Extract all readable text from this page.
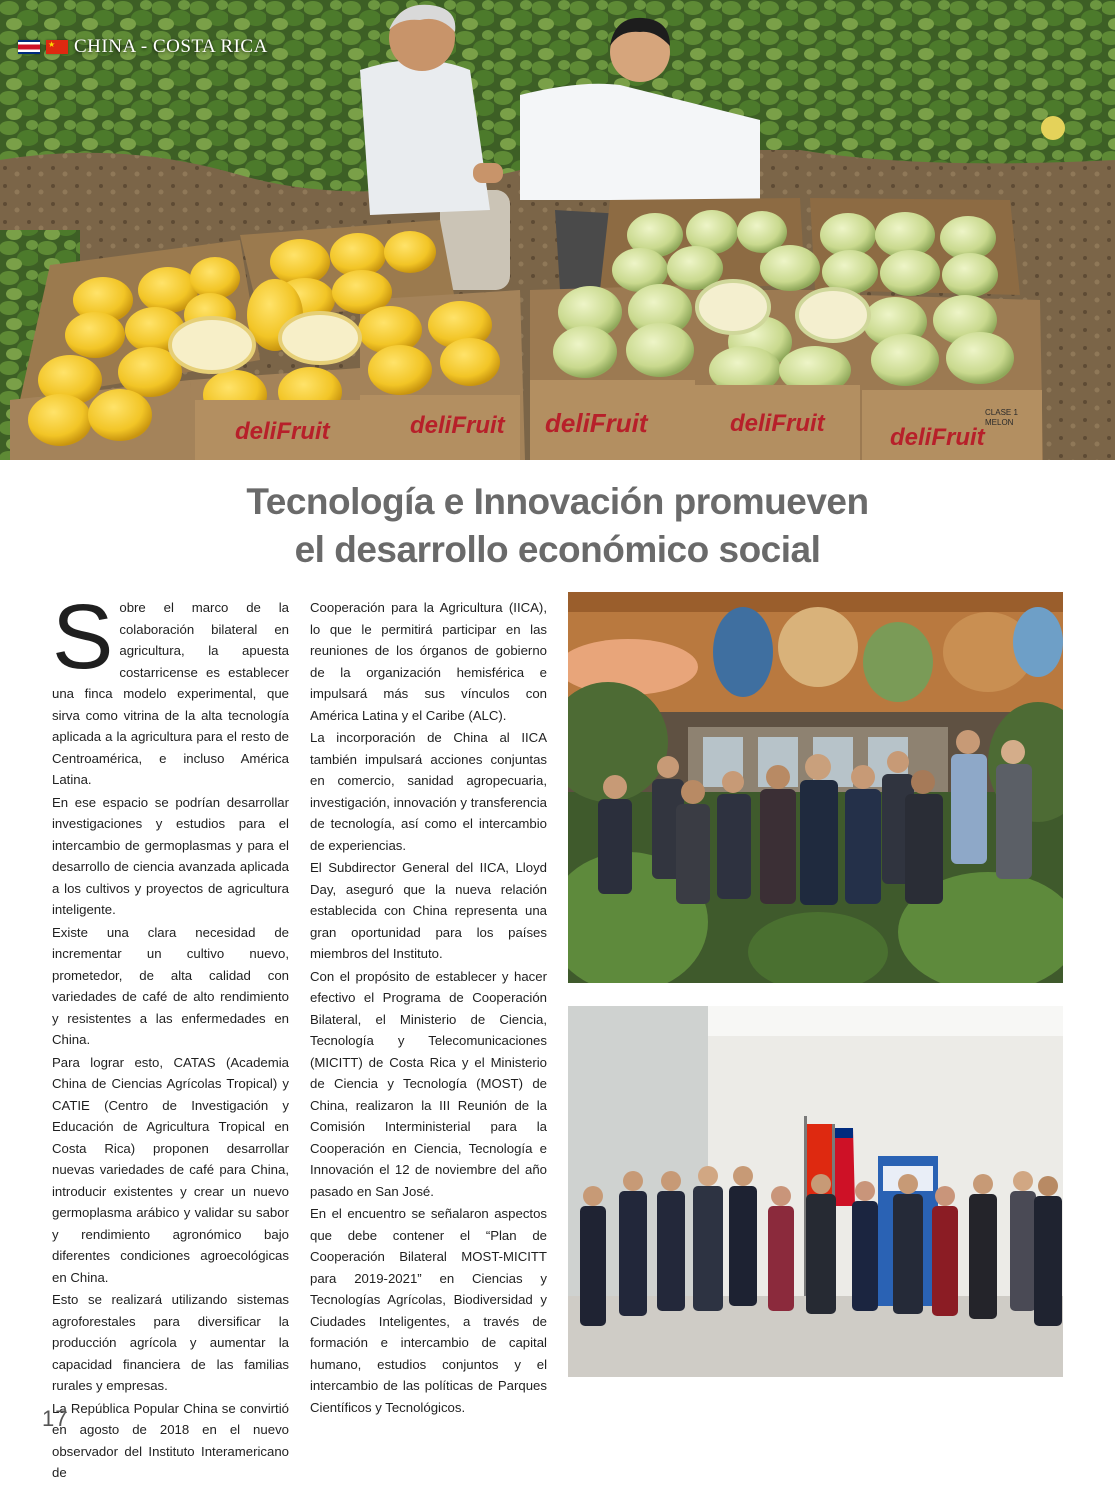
★ CHINA - COSTA RICA
deliFruit	deliFruit deliFruit	deliFruit
deliFruit
CLASE 1
MELON
Tecnología e Innovación promueven
el desarrollo económico social

Sobre el marco de la colaboración bilateral en agricultura, la apuesta costarricense es establecer una finca modelo experimental, que sirva como vitrina de la alta tecnología aplicada a la agricultura para el resto de Centroamérica, e incluso América Latina.

En ese espacio se podrían desarrollar investigaciones y estudios para el intercambio de germoplasmas y para el desarrollo de ciencia avanzada aplicada a los cultivos y proyectos de agricultura inteligente.

Existe una clara necesidad de incrementar un cultivo nuevo, prometedor, de alta calidad con variedades de café de alto rendimiento y resistentes a las enfermedades en China.

Para lograr esto, CATAS (Academia China de Ciencias Agrícolas Tropical) y CATIE (Centro de Investigación y Educación de Agricultura Tropical en Costa Rica) proponen desarrollar nuevas variedades de café para China, introducir existentes y crear un nuevo germoplasma arábico y validar su sabor y rendimiento agronómico bajo diferentes condiciones agroecológicas en China.

Esto se realizará utilizando sistemas agroforestales para diversificar la producción agrícola y aumentar la capacidad financiera de las familias rurales y empresas.

La República Popular China se convirtió en agosto de 2018 en el nuevo observador del Instituto Interamericano de

Cooperación para la Agricultura (IICA), lo que le permitirá participar en las reuniones de los órganos de gobierno de la organización hemisférica e impulsará más sus vínculos con América Latina y el Caribe (ALC).

La incorporación de China al IICA también impulsará acciones conjuntas en comercio, sanidad agropecuaria, investigación, innovación y transferencia de tecnología, así como el intercambio de experiencias.

El Subdirector General del IICA, Lloyd Day, aseguró que la nueva relación establecida con China representa una gran oportunidad para los países miembros del Instituto.

Con el propósito de establecer y hacer efectivo el Programa de Cooperación Bilateral, el Ministerio de Ciencia, Tecnología y Telecomunicaciones (MICITT) de Costa Rica y el Ministerio de Ciencia y Tecnología (MOST) de China, realizaron la III Reunión de la Comisión Interministerial para la Cooperación en Ciencia, Tecnología e Innovación el 12 de noviembre del año pasado en San José.

En el encuentro se señalaron aspectos que debe contener el “Plan de Cooperación Bilateral MOST-MICITT para 2019-2021” en Ciencias y Tecnologías Agrícolas, Biodiversidad y Ciudades Inteligentes, a través de formación e intercambio de capital humano, estudios conjuntos y el intercambio de las políticas de Parques Científicos y Tecnológicos.

17
